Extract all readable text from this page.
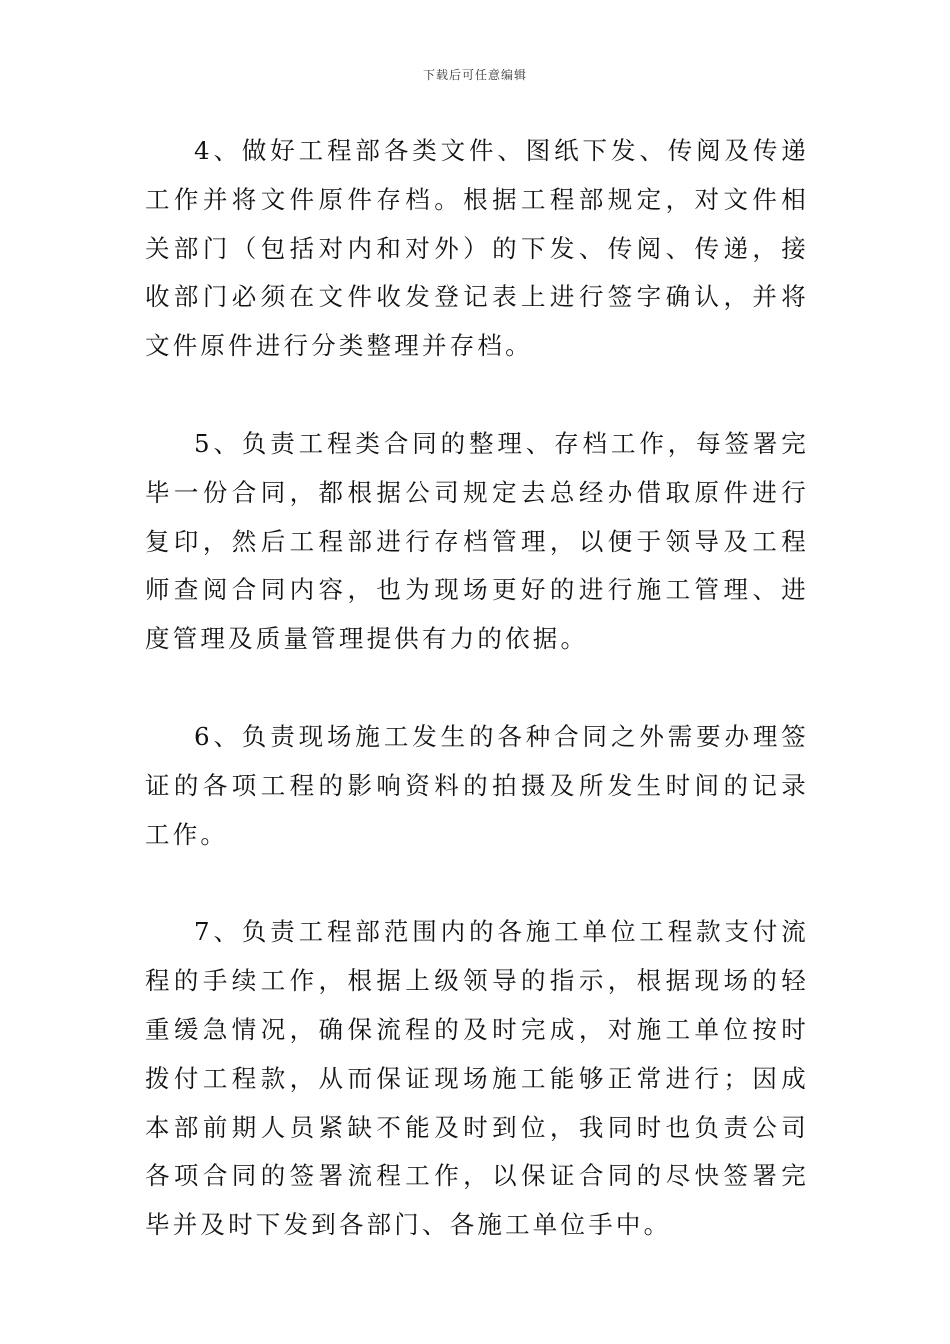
下载后可任意编辑

4、做好工程部各类文件、图纸下发、传阅及传递工作并将文件原件存档。根据工程部规定，对文件相关部门（包括对内和对外）的下发、传阅、传递，接收部门必须在文件收发登记表上进行签字确认，并将文件原件进行分类整理并存档。

5、负责工程类合同的整理、存档工作，每签署完毕一份合同，都根据公司规定去总经办借取原件进行复印，然后工程部进行存档管理，以便于领导及工程师查阅合同内容，也为现场更好的进行施工管理、进度管理及质量管理提供有力的依据。

6、负责现场施工发生的各种合同之外需要办理签证的各项工程的影响资料的拍摄及所发生时间的记录工作。

7、负责工程部范围内的各施工单位工程款支付流程的手续工作，根据上级领导的指示，根据现场的轻重缓急情况，确保流程的及时完成，对施工单位按时拨付工程款，从而保证现场施工能够正常进行；因成本部前期人员紧缺不能及时到位，我同时也负责公司各项合同的签署流程工作，以保证合同的尽快签署完毕并及时下发到各部门、各施工单位手中。
